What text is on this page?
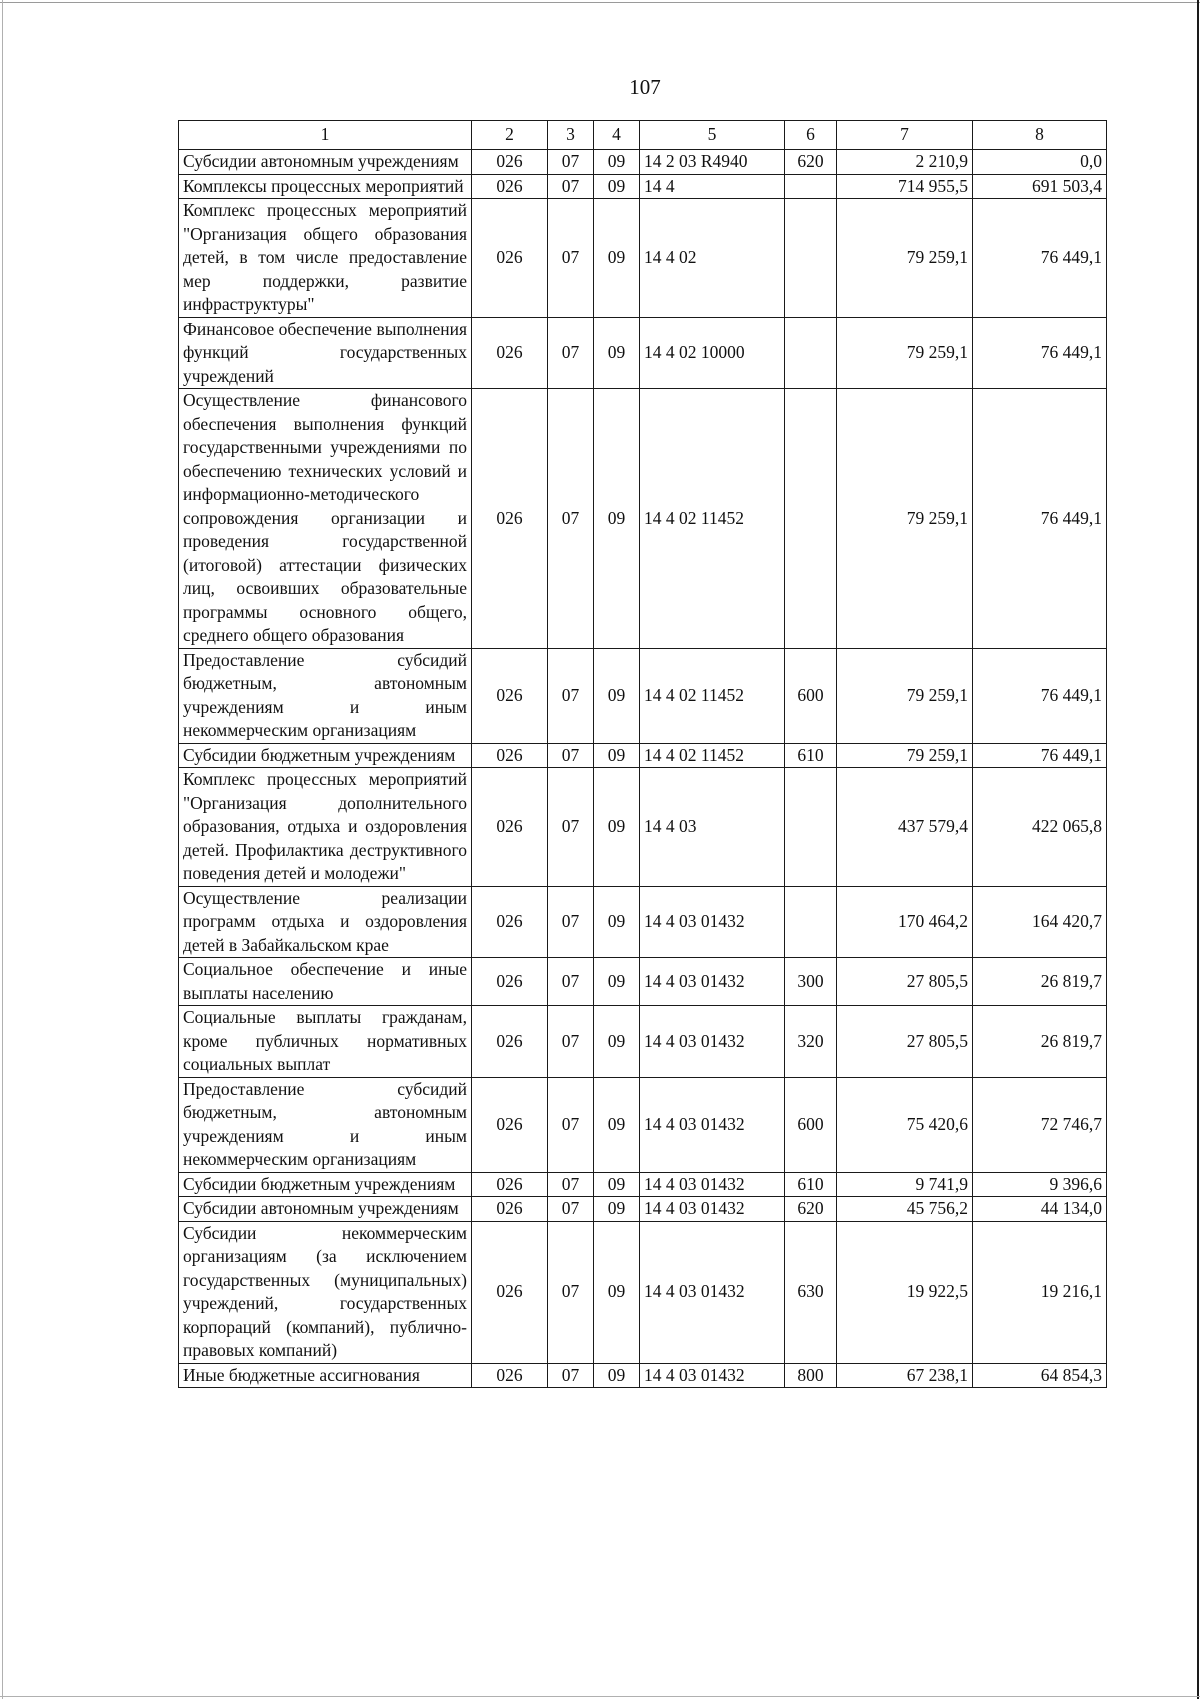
107
1	2	3	4	5	6	7	8
Субсидии автономным учреждениям	026	07	09	14 2 03 R4940	620	2 210,9	0,0
Комплексы процессных мероприятий	026	07	09	14 4		714 955,5	691 503,4
Комплекс процессных мероприятий "Организация общего образования детей, в том числе предоставление мер поддержки, развитие инфраструктуры"	026	07	09	14 4 02		79 259,1	76 449,1
Финансовое обеспечение выполнения функций государственных учреждений	026	07	09	14 4 02 10000		79 259,1	76 449,1
Осуществление финансового обеспечения выполнения функций государственными учреждениями по обеспечению технических условий и информационно-методического сопровождения организации и проведения государственной (итоговой) аттестации физических лиц, освоивших образовательные программы основного общего, среднего общего образования	026	07	09	14 4 02 11452		79 259,1	76 449,1
Предоставление субсидий бюджетным, автономным учреждениям и иным некоммерческим организациям	026	07	09	14 4 02 11452	600	79 259,1	76 449,1
Субсидии бюджетным учреждениям	026	07	09	14 4 02 11452	610	79 259,1	76 449,1
Комплекс процессных мероприятий "Организация дополнительного образования, отдыха и оздоровления детей. Профилактика деструктивного поведения детей и молодежи"	026	07	09	14 4 03		437 579,4	422 065,8
Осуществление реализации программ отдыха и оздоровления детей в Забайкальском крае	026	07	09	14 4 03 01432		170 464,2	164 420,7
Социальное обеспечение и иные выплаты населению	026	07	09	14 4 03 01432	300	27 805,5	26 819,7
Социальные выплаты гражданам, кроме публичных нормативных социальных выплат	026	07	09	14 4 03 01432	320	27 805,5	26 819,7
Предоставление субсидий бюджетным, автономным учреждениям и иным некоммерческим организациям	026	07	09	14 4 03 01432	600	75 420,6	72 746,7
Субсидии бюджетным учреждениям	026	07	09	14 4 03 01432	610	9 741,9	9 396,6
Субсидии автономным учреждениям	026	07	09	14 4 03 01432	620	45 756,2	44 134,0
Субсидии некоммерческим организациям (за исключением государственных (муниципальных) учреждений, государственных корпораций (компаний), публично-правовых компаний)	026	07	09	14 4 03 01432	630	19 922,5	19 216,1
Иные бюджетные ассигнования	026	07	09	14 4 03 01432	800	67 238,1	64 854,3
